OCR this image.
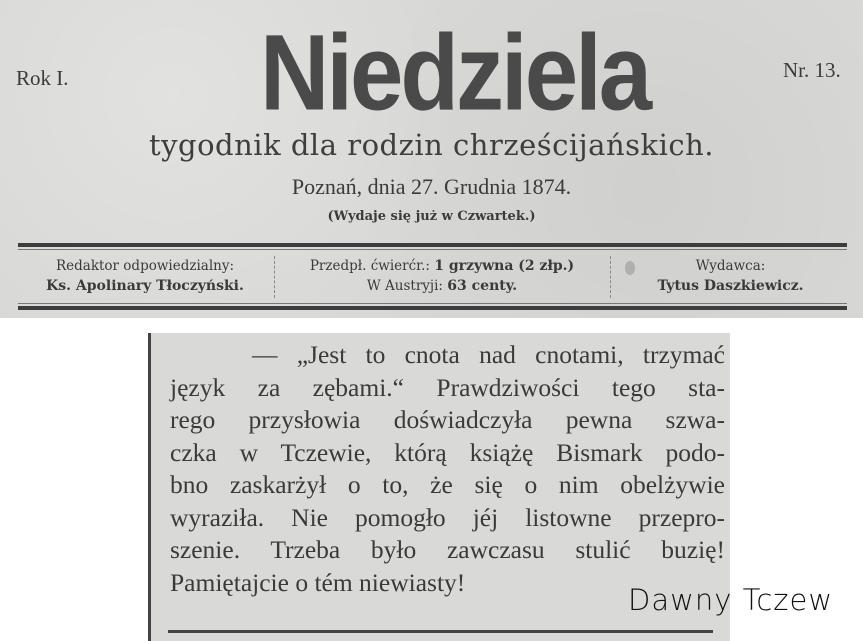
Rok I. Niedziela	Nr. 13.
tygodnik dla rodzin chrześcijańskich.
Poznań, dnia 27. Grudnia 1874.
(Wydaje się już w Czwartek.)
Redaktor odpowiedzialny:
Ks. Apolinary Tłoczyński.
Przedpł. ćwierćr.: 1 grzywna (2 złp.)
W Austryji: 63 centy.
Wydawca:
Tytus Daszkiewicz.
— „Jest to cnota nad cnotami, trzymać
język za zębami.“ Prawdziwości tego sta-
rego przysłowia doświadczyła pewna szwa-
czka w Tczewie, którą książę Bismark podo-
bno zaskarżył o to, że się o nim obelżywie
wyraziła. Nie pomogło jéj listowne przepro-
szenie. Trzeba było zawczasu stulić buzię!
Pamiętajcie o tém niewiasty!
Dawny Tczew
